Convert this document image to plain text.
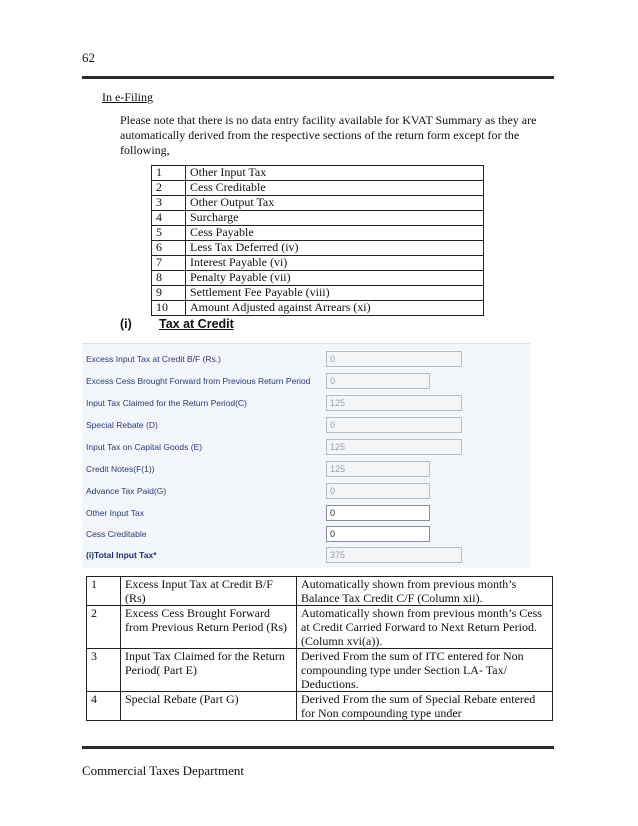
62
In e-Filing

Please note that there is no data entry facility available for KVAT Summary as they are automatically derived from the respective sections of the return form except for the following,

1	Other Input Tax
2	Cess Creditable
3	Other Output Tax
4	Surcharge
5	Cess Payable
6	Less Tax Deferred (iv)
7	Interest Payable (vi)
8	Penalty Payable (vii)
9	Settlement Fee Payable (viii)
10	Amount Adjusted against Arrears (xi)
(i) Tax at Credit
Excess Input Tax at Credit B/F (Rs.)	0
Excess Cess Brought Forward from Previous Return Period	0
Input Tax Claimed for the Return Period(C)	125
Special Rebate (D)	0
Input Tax on Capital Goods (E)	125
Credit Notes(F(1))	125
Advance Tax Paid(G)	0
Other Input Tax	0
Cess Creditable	0
(i)Total Input Tax*	375
1	Excess Input Tax at Credit B/F (Rs)	Automatically shown from previous month’s Balance Tax Credit C/F (Column xii).
2	Excess Cess Brought Forward from Previous Return Period (Rs)	Automatically shown from previous month’s Cess at Credit Carried Forward to Next Return Period. (Column xvi(a)).
3	Input Tax Claimed for the Return Period( Part E)	Derived From the sum of ITC entered for Non compounding type under Section LA- Tax/ Deductions.
4	Special Rebate (Part G)	Derived From the sum of Special Rebate entered for Non compounding type under
Commercial Taxes Department
